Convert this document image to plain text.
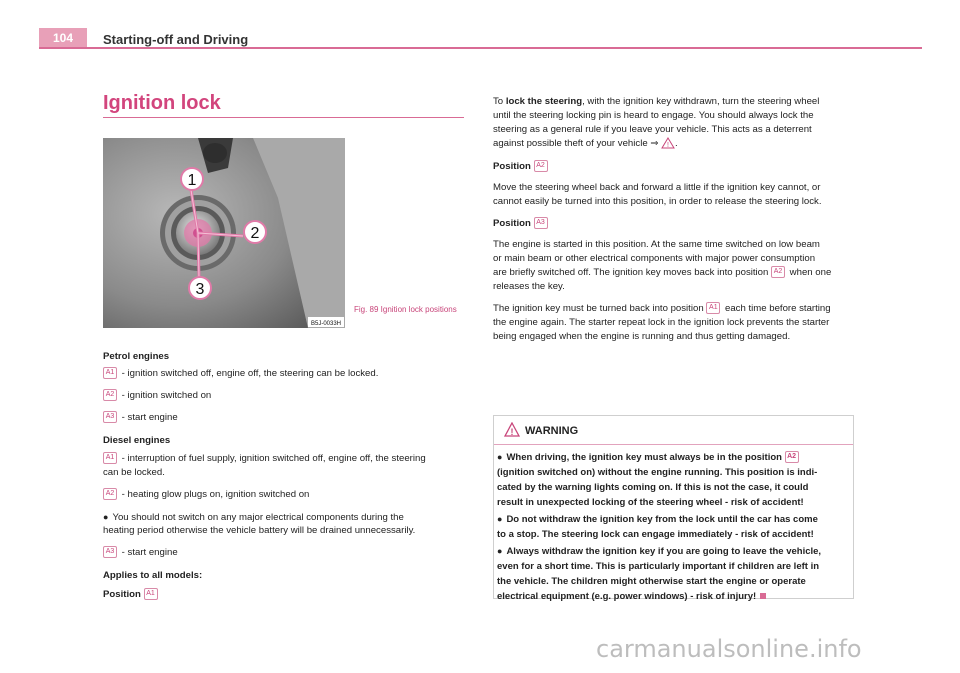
104	Starting-off and Driving
Ignition lock
1
2
3
B5J-0033H
Fig. 89 Ignition lock positions
Petrol engines
A1 - ignition switched off, engine off, the steering can be locked.
A2 - ignition switched on
A3 - start engine
Diesel engines
A1 - interruption of fuel supply, ignition switched off, engine off, the steering
can be locked.
A2 - heating glow plugs on, ignition switched on
● You should not switch on any major electrical components during the
heating period otherwise the vehicle battery will be drained unnecessarily.
A3 - start engine
Applies to all models:
Position A1
To lock the steering, with the ignition key withdrawn, turn the steering wheel
until the steering locking pin is heard to engage. You should always lock the
steering as a general rule if you leave your vehicle. This acts as a deterrent
against possible theft of your vehicle ⇒ ! .
Position A2
Move the steering wheel back and forward a little if the ignition key cannot, or
cannot easily be turned into this position, in order to release the steering lock.
Position A3
The engine is started in this position. At the same time switched on low beam
or main beam or other electrical components with major power consumption
are briefly switched off. The ignition key moves back into position A2 when one
releases the key.
The ignition key must be turned back into position A1 each time before starting
the engine again. The starter repeat lock in the ignition lock prevents the starter
being engaged when the engine is running and thus getting damaged.
! WARNING
● When driving, the ignition key must always be in the position A2
(ignition switched on) without the engine running. This position is indi-
cated by the warning lights coming on. If this is not the case, it could
result in unexpected locking of the steering wheel - risk of accident!
● Do not withdraw the ignition key from the lock until the car has come
to a stop. The steering lock can engage immediately - risk of accident!
● Always withdraw the ignition key if you are going to leave the vehicle,
even for a short time. This is particularly important if children are left in
the vehicle. The children might otherwise start the engine or operate
electrical equipment (e.g. power windows) - risk of injury!
carmanualsonline.info
